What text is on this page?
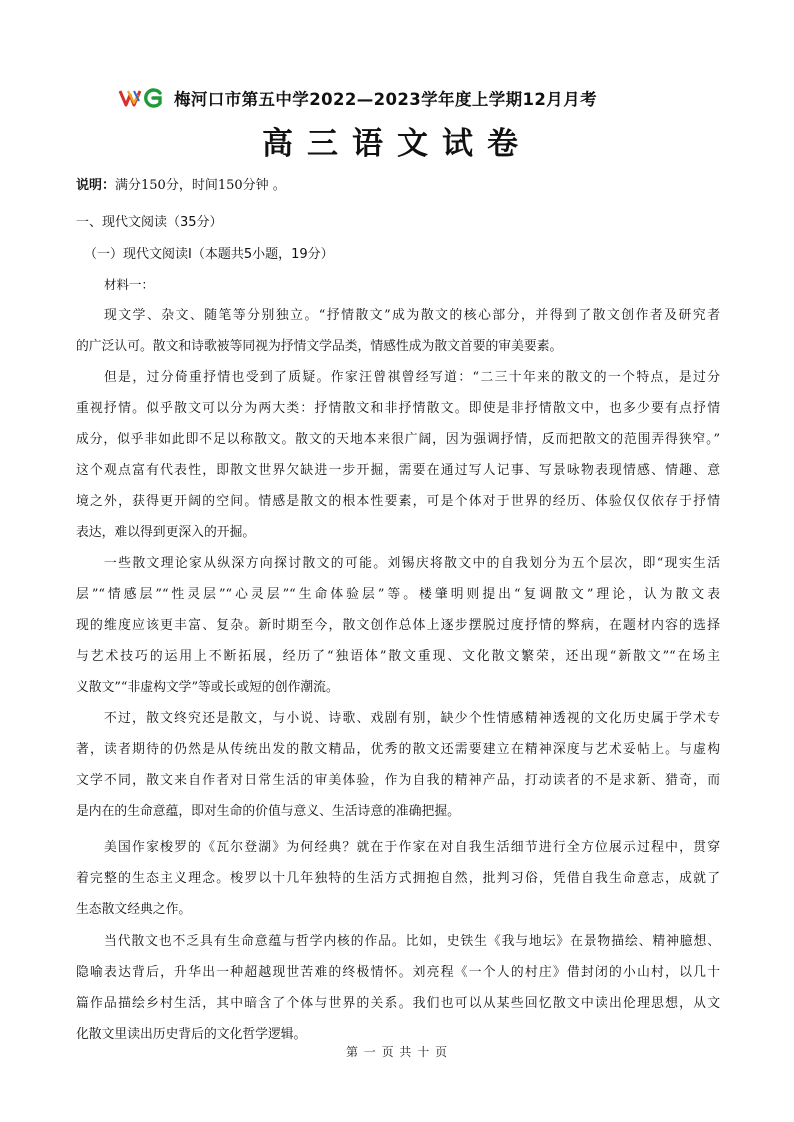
梅河口市第五中学2022—2023学年度上学期12月月考
高三语文试卷
说明：满分150分，时间150分钟 。
一、现代文阅读（35分）
（一）现代文阅读Ⅰ（本题共5小题，19分）
材料一：
现文学、杂文、随笔等分别独立。“抒情散文”成为散文的核心部分，并得到了散文创作者及研究者
的广泛认可。散文和诗歌被等同视为抒情文学品类，情感性成为散文首要的审美要素。
但是，过分倚重抒情也受到了质疑。作家汪曾祺曾经写道：“二三十年来的散文的一个特点，是过分
重视抒情。似乎散文可以分为两大类：抒情散文和非抒情散文。即使是非抒情散文中，也多少要有点抒情
成分，似乎非如此即不足以称散文。散文的天地本来很广阔，因为强调抒情，反而把散文的范围弄得狭窄。”
这个观点富有代表性，即散文世界欠缺进一步开掘，需要在通过写人记事、写景咏物表现情感、情趣、意
境之外，获得更开阔的空间。情感是散文的根本性要素，可是个体对于世界的经历、体验仅仅依存于抒情
表达，难以得到更深入的开掘。
一些散文理论家从纵深方向探讨散文的可能。刘锡庆将散文中的自我划分为五个层次，即“现实生活
层”“情感层”“性灵层”“心灵层”“生命体验层”等。楼肇明则提出“复调散文”理论，认为散文表
现的维度应该更丰富、复杂。新时期至今，散文创作总体上逐步摆脱过度抒情的弊病，在题材内容的选择
与艺术技巧的运用上不断拓展，经历了“独语体”散文重现、文化散文繁荣，还出现“新散文”“在场主
义散文”“非虚构文学”等或长或短的创作潮流。
不过，散文终究还是散文，与小说、诗歌、戏剧有别，缺少个性情感精神透视的文化历史属于学术专
著，读者期待的仍然是从传统出发的散文精品，优秀的散文还需要建立在精神深度与艺术妥帖上。与虚构
文学不同，散文来自作者对日常生活的审美体验，作为自我的精神产品，打动读者的不是求新、猎奇，而
是内在的生命意蕴，即对生命的价值与意义、生活诗意的准确把握。
美国作家梭罗的《瓦尔登湖》为何经典？就在于作家在对自我生活细节进行全方位展示过程中，贯穿
着完整的生态主义理念。梭罗以十几年独特的生活方式拥抱自然，批判习俗，凭借自我生命意志，成就了
生态散文经典之作。
当代散文也不乏具有生命意蕴与哲学内核的作品。比如，史铁生《我与地坛》在景物描绘、精神臆想、
隐喻表达背后，升华出一种超越现世苦难的终极情怀。刘亮程《一个人的村庄》借封闭的小山村，以几十
篇作品描绘乡村生活，其中暗含了个体与世界的关系。我们也可以从某些回忆散文中读出伦理思想，从文
化散文里读出历史背后的文化哲学逻辑。
第 一 页 共 十 页
